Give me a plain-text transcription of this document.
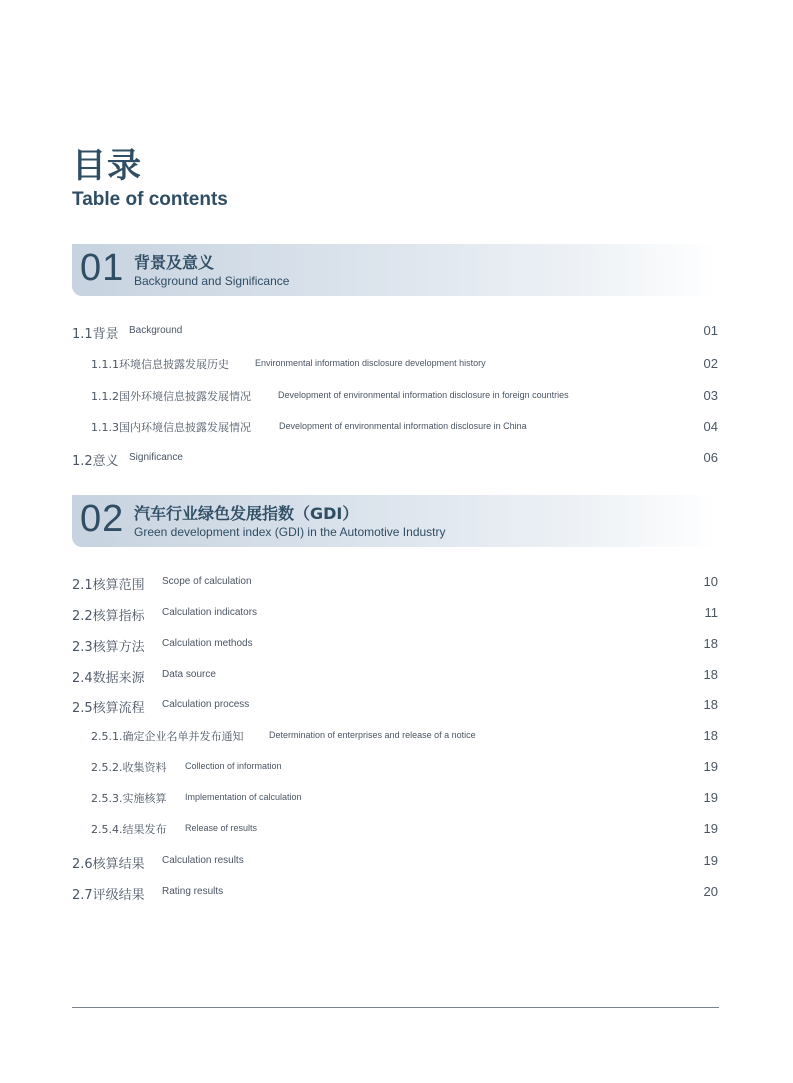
目录
Table of contents
01 背景及意义
Background and Significance
1.1背景 Background	01
1.1.1环境信息披露发展历史	Environmental information disclosure development history	02
1.1.2国外环境信息披露发展情况	Development of environmental information disclosure in foreign countries	03
1.1.3国内环境信息披露发展情况	Development of environmental information disclosure in China	04
1.2意义 Significance	06
02 汽车行业绿色发展指数（GDI）
Green development index (GDI) in the Automotive Industry
2.1核算范围 Scope of calculation	10
2.2核算指标 Calculation indicators	11
2.3核算方法 Calculation methods	18
2.4数据来源 Data source	18
2.5核算流程 Calculation process	18
2.5.1.确定企业名单并发布通知	Determination of enterprises and release of a notice	18
2.5.2.收集资料 Collection of information	19
2.5.3.实施核算 Implementation of calculation	19
2.5.4.结果发布 Release of results	19
2.6核算结果 Calculation results	19
2.7评级结果 Rating results	20
